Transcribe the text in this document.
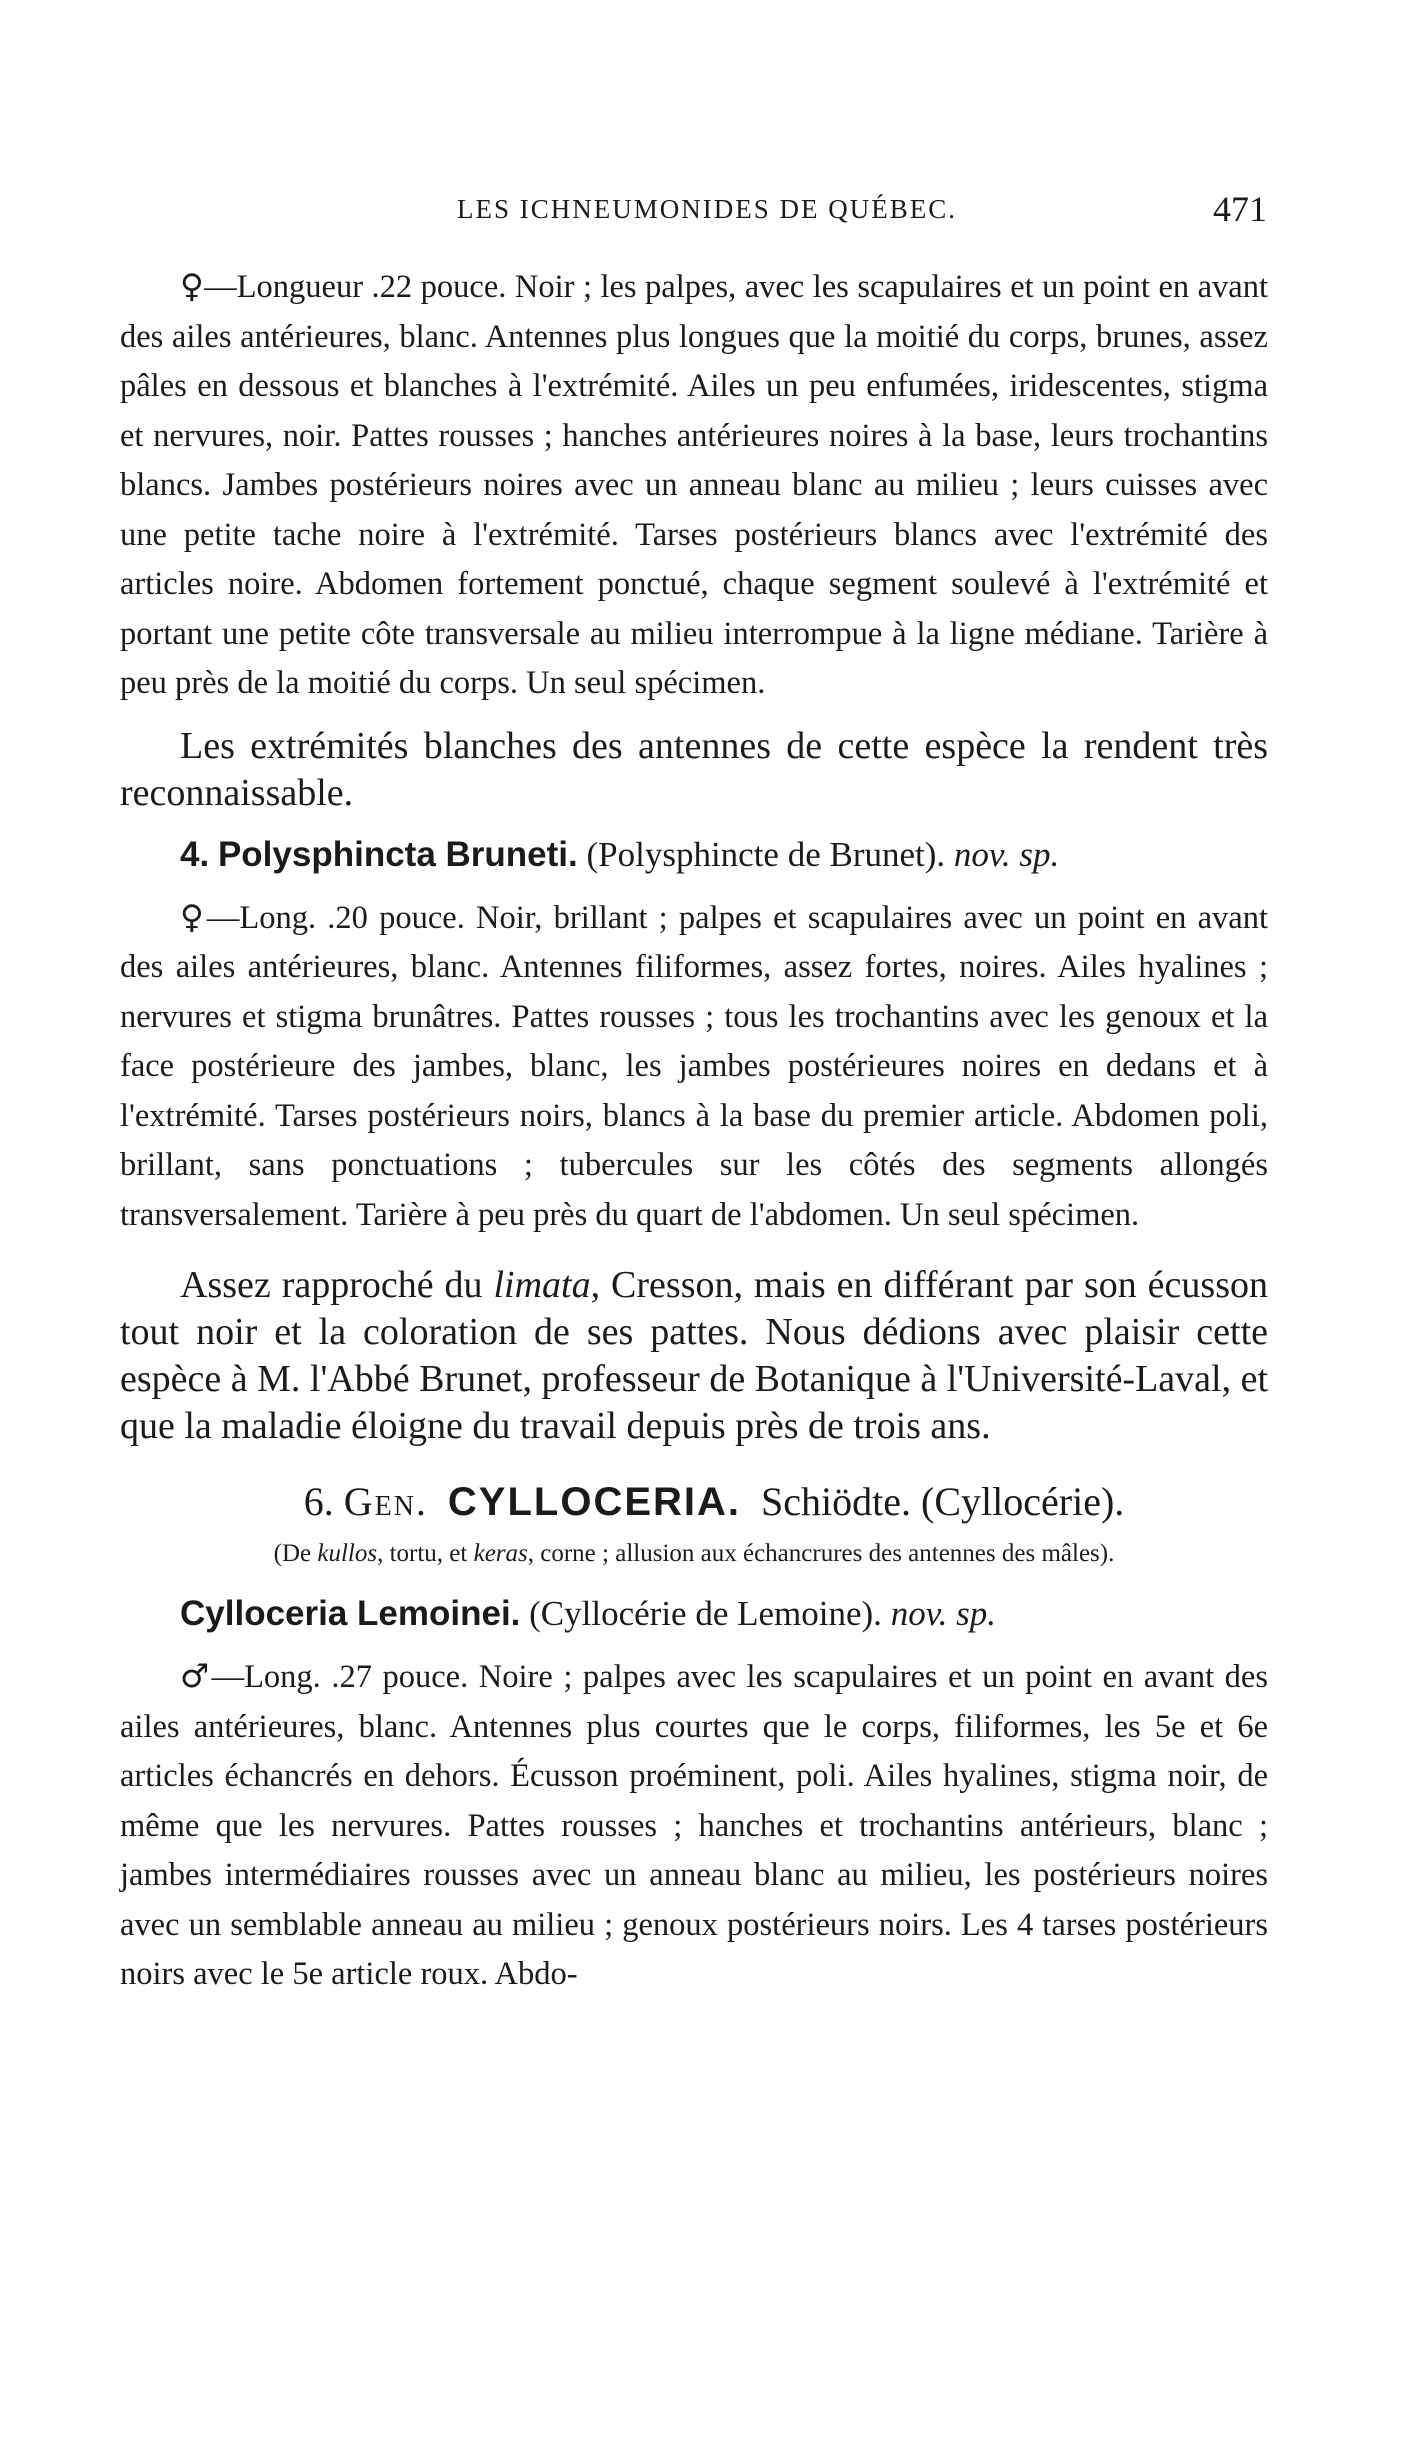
LES ICHNEUMONIDES DE QUÉBEC.	471

♀—Longueur .22 pouce. Noir ; les palpes, avec les scapulaires et un point en avant des ailes antérieures, blanc. Antennes plus longues que la moitié du corps, brunes, assez pâles en dessous et blanches à l'extrémité. Ailes un peu enfumées, iridescentes, stigma et nervures, noir. Pattes rousses ; hanches antérieures noires à la base, leurs trochantins blancs. Jambes postérieurs noires avec un anneau blanc au milieu ; leurs cuisses avec une petite tache noire à l'extrémité. Tarses postérieurs blancs avec l'extrémité des articles noire. Abdomen fortement ponctué, chaque segment soulevé à l'extrémité et portant une petite côte transversale au milieu interrompue à la ligne médiane. Tarière à peu près de la moitié du corps. Un seul spécimen.

Les extrémités blanches des antennes de cette espèce la rendent très reconnaissable.

4. Polysphincta Bruneti. (Polysphincte de Brunet). nov. sp.

♀—Long. .20 pouce. Noir, brillant ; palpes et scapulaires avec un point en avant des ailes antérieures, blanc. Antennes filiformes, assez fortes, noires. Ailes hyalines ; nervures et stigma brunâtres. Pattes rousses ; tous les trochantins avec les genoux et la face postérieure des jambes, blanc, les jambes postérieures noires en dedans et à l'extrémité. Tarses postérieurs noirs, blancs à la base du premier article. Abdomen poli, brillant, sans ponctuations ; tubercules sur les côtés des segments allongés transversalement. Tarière à peu près du quart de l'abdomen. Un seul spécimen.

Assez rapproché du limata, Cresson, mais en différant par son écusson tout noir et la coloration de ses pattes. Nous dédions avec plaisir cette espèce à M. l'Abbé Brunet, professeur de Botanique à l'Université-Laval, et que la maladie éloigne du travail depuis près de trois ans.

6. Gen. CYLLOCERIA. Schiödte. (Cyllocérie).

(De kullos, tortu, et keras, corne ; allusion aux échancrures des antennes des mâles).

Cylloceria Lemoinei. (Cyllocérie de Lemoine). nov. sp.

♂—Long. .27 pouce. Noire ; palpes avec les scapulaires et un point en avant des ailes antérieures, blanc. Antennes plus courtes que le corps, filiformes, les 5e et 6e articles échancrés en dehors. Écusson proéminent, poli. Ailes hyalines, stigma noir, de même que les nervures. Pattes rousses ; hanches et trochantins antérieurs, blanc ; jambes intermédiaires rousses avec un anneau blanc au milieu, les postérieurs noires avec un semblable anneau au milieu ; genoux postérieurs noirs. Les 4 tarses postérieurs noirs avec le 5e article roux. Abdo-
